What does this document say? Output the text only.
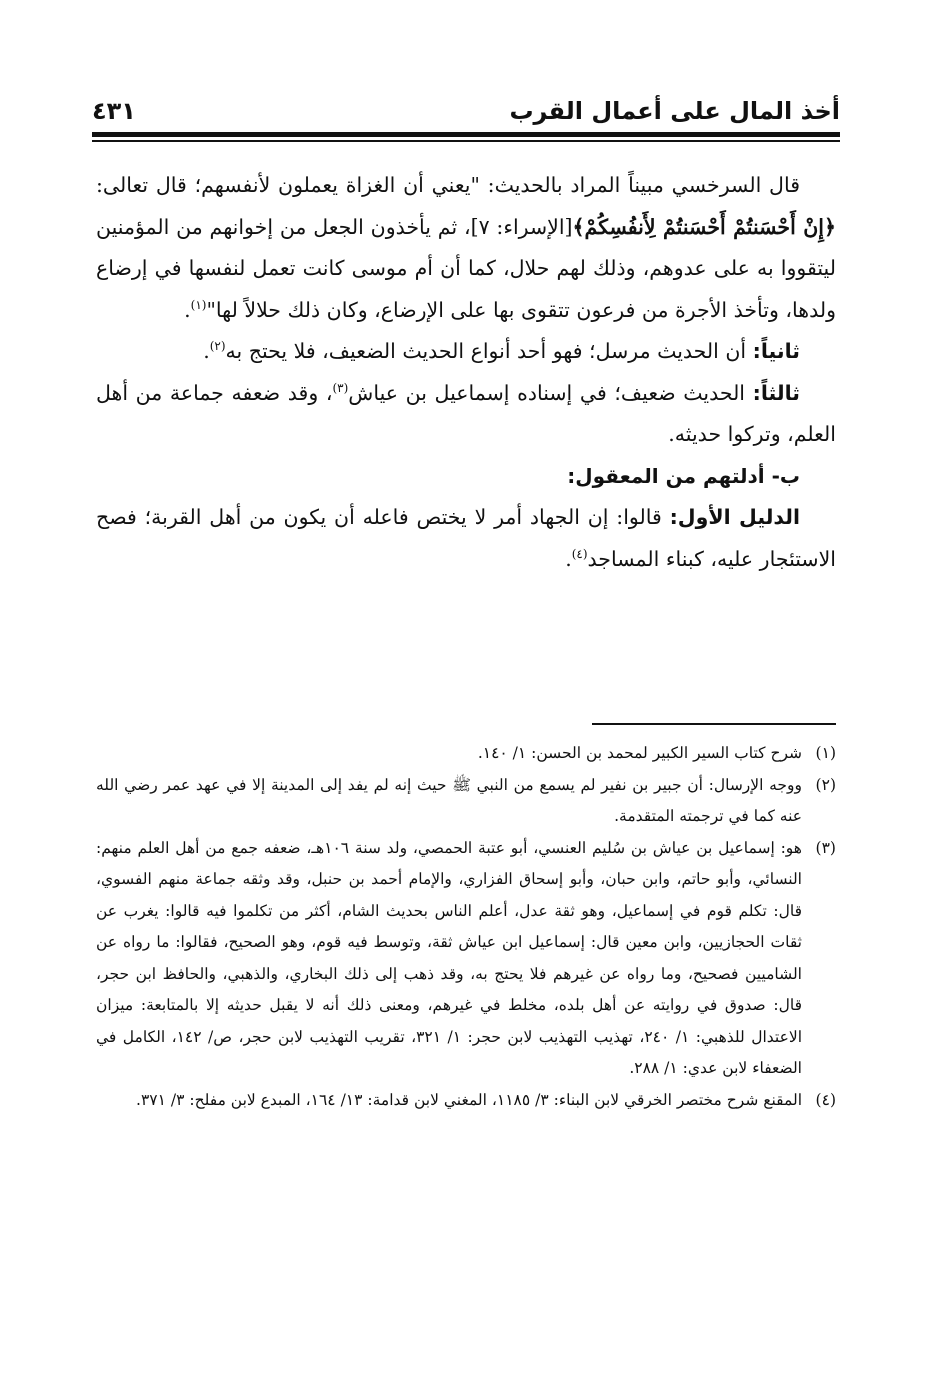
أخذ المال على أعمال القرب
٤٣١

قال السرخسي مبيناً المراد بالحديث: "يعني أن الغزاة يعملون لأنفسهم؛ قال تعالى: ﴿إِنْ أَحْسَنتُمْ أَحْسَنتُمْ لِأَنفُسِكُمْ﴾[الإسراء: ٧]، ثم يأخذون الجعل من إخوانهم من المؤمنين ليتقووا به على عدوهم، وذلك لهم حلال، كما أن أم موسى كانت تعمل لنفسها في إرضاع ولدها، وتأخذ الأجرة من فرعون تتقوى بها على الإرضاع، وكان ذلك حلالاً لها"$^{(١)}$.

ثانياً: أن الحديث مرسل؛ فهو أحد أنواع الحديث الضعيف، فلا يحتج به$^{(٢)}$.

ثالثاً: الحديث ضعيف؛ في إسناده إسماعيل بن عياش$^{(٣)}$، وقد ضعفه جماعة من أهل العلم، وتركوا حديثه.

ب- أدلتهم من المعقول:

الدليل الأول: قالوا: إن الجهاد أمر لا يختص فاعله أن يكون من أهل القربة؛ فصح الاستئجار عليه، كبناء المساجد$^{(٤)}$.

(١)شرح كتاب السير الكبير لمحمد بن الحسن: ١/ ١٤٠.

(٢)ووجه الإرسال: أن جبير بن نفير لم يسمع من النبي ﷺ حيث إنه لم يفد إلى المدينة إلا في عهد عمر رضي الله عنه كما في ترجمته المتقدمة.

(٣)هو: إسماعيل بن عياش بن سُليم العنسي، أبو عتبة الحمصي، ولد سنة ١٠٦هـ، ضعفه جمع من أهل العلم منهم: النسائي، وأبو حاتم، وابن حبان، وأبو إسحاق الفزاري، والإمام أحمد بن حنبل، وقد وثقه جماعة منهم الفسوي، قال: تكلم قوم في إسماعيل، وهو ثقة عدل، أعلم الناس بحديث الشام، أكثر من تكلموا فيه قالوا: يغرب عن ثقات الحجازيين، وابن معين قال: إسماعيل ابن عياش ثقة، وتوسط فيه قوم، وهو الصحيح، فقالوا: ما رواه عن الشاميين فصحيح، وما رواه عن غيرهم فلا يحتج به، وقد ذهب إلى ذلك البخاري، والذهبي، والحافظ ابن حجر، قال: صدوق في روايته عن أهل بلده، مخلط في غيرهم، ومعنى ذلك أنه لا يقبل حديثه إلا بالمتابعة: ميزان الاعتدال للذهبي: ١/ ٢٤٠، تهذيب التهذيب لابن حجر: ١/ ٣٢١، تقريب التهذيب لابن حجر، ص/ ١٤٢، الكامل في الضعفاء لابن عدي: ١/ ٢٨٨.

(٤)المقنع شرح مختصر الخرقي لابن البناء: ٣/ ١١٨٥، المغني لابن قدامة: ١٣/ ١٦٤، المبدع لابن مفلح: ٣/ ٣٧١.
